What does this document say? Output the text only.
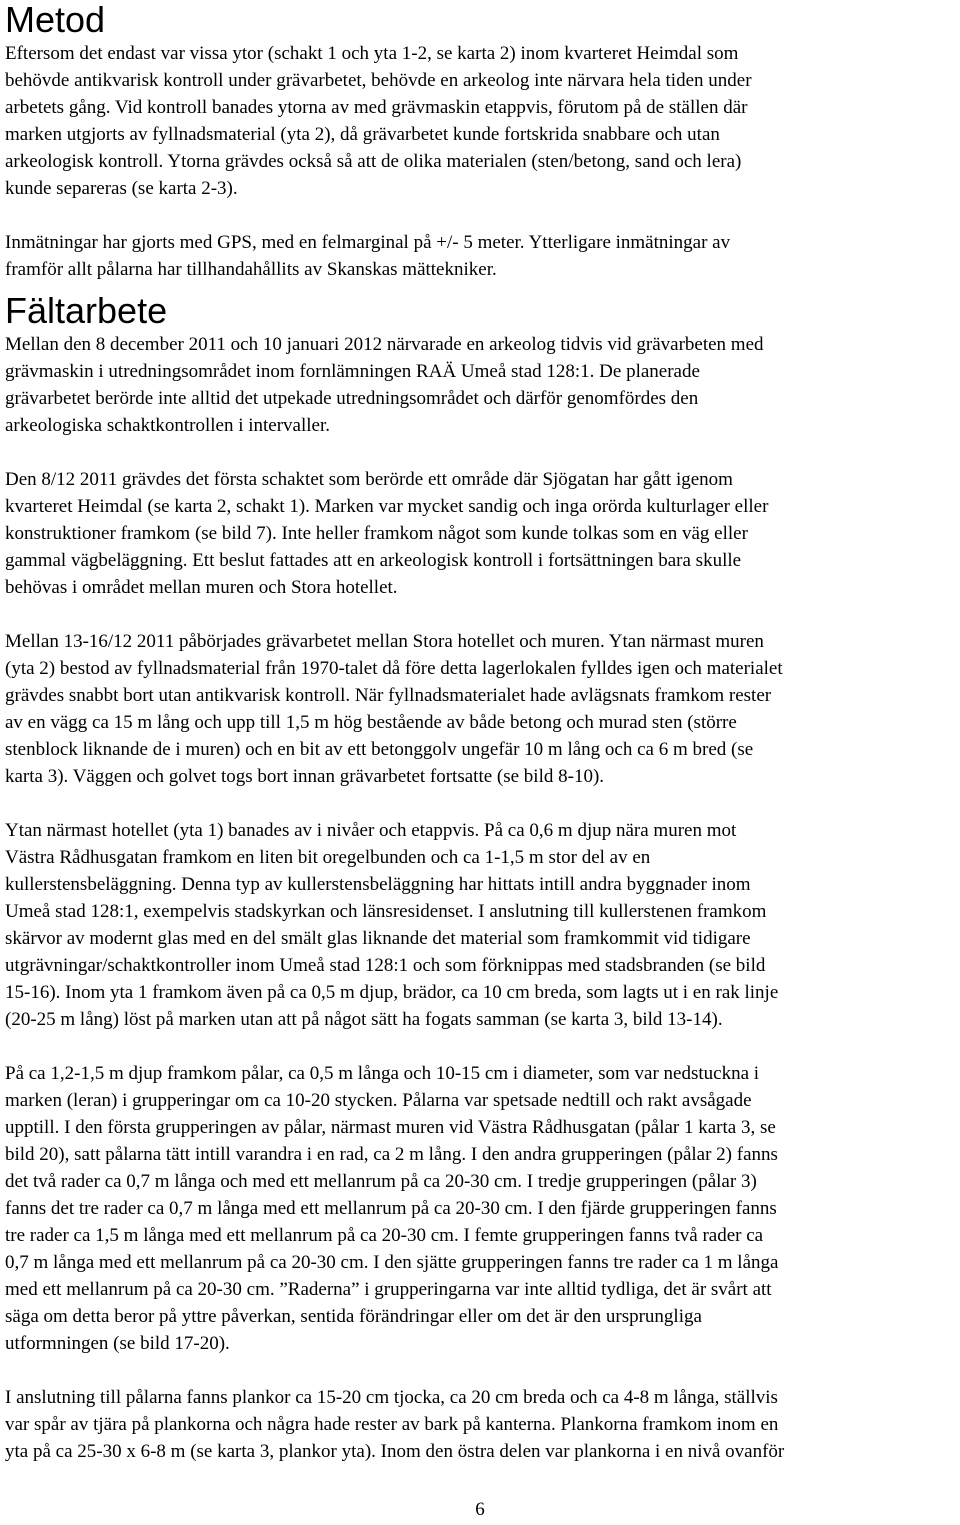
Metod

Eftersom det endast var vissa ytor (schakt 1 och yta 1-2, se karta 2) inom kvarteret Heimdal som
behövde antikvarisk kontroll under grävarbetet, behövde en arkeolog inte närvara hela tiden under
arbetets gång. Vid kontroll banades ytorna av med grävmaskin etappvis, förutom på de ställen där
marken utgjorts av fyllnadsmaterial (yta 2), då grävarbetet kunde fortskrida snabbare och utan
arkeologisk kontroll. Ytorna grävdes också så att de olika materialen (sten/betong, sand och lera)
kunde separeras (se karta 2-3).

Inmätningar har gjorts med GPS, med en felmarginal på +/- 5 meter. Ytterligare inmätningar av
framför allt pålarna har tillhandahållits av Skanskas mättekniker.

Fältarbete

Mellan den 8 december 2011 och 10 januari 2012 närvarade en arkeolog tidvis vid grävarbeten med
grävmaskin i utredningsområdet inom fornlämningen RAÄ Umeå stad 128:1. De planerade
grävarbetet berörde inte alltid det utpekade utredningsområdet och därför genomfördes den
arkeologiska schaktkontrollen i intervaller.

Den 8/12 2011 grävdes det första schaktet som berörde ett område där Sjögatan har gått igenom
kvarteret Heimdal (se karta 2, schakt 1). Marken var mycket sandig och inga orörda kulturlager eller
konstruktioner framkom (se bild 7). Inte heller framkom något som kunde tolkas som en väg eller
gammal vägbeläggning. Ett beslut fattades att en arkeologisk kontroll i fortsättningen bara skulle
behövas i området mellan muren och Stora hotellet.

Mellan 13-16/12 2011 påbörjades grävarbetet mellan Stora hotellet och muren. Ytan närmast muren
(yta 2) bestod av fyllnadsmaterial från 1970-talet då före detta lagerlokalen fylldes igen och materialet
grävdes snabbt bort utan antikvarisk kontroll. När fyllnadsmaterialet hade avlägsnats framkom rester
av en vägg ca 15 m lång och upp till 1,5 m hög bestående av både betong och murad sten (större
stenblock liknande de i muren) och en bit av ett betonggolv ungefär 10 m lång och ca 6 m bred (se
karta 3). Väggen och golvet togs bort innan grävarbetet fortsatte (se bild 8-10).

Ytan närmast hotellet (yta 1) banades av i nivåer och etappvis. På ca 0,6 m djup nära muren mot
Västra Rådhusgatan framkom en liten bit oregelbunden och ca 1-1,5 m stor del av en
kullerstensbeläggning. Denna typ av kullerstensbeläggning har hittats intill andra byggnader inom
Umeå stad 128:1, exempelvis stadskyrkan och länsresidenset. I anslutning till kullerstenen framkom
skärvor av modernt glas med en del smält glas liknande det material som framkommit vid tidigare
utgrävningar/schaktkontroller inom Umeå stad 128:1 och som förknippas med stadsbranden (se bild
15-16). Inom yta 1 framkom även på ca 0,5 m djup, brädor, ca 10 cm breda, som lagts ut i en rak linje
(20-25 m lång) löst på marken utan att på något sätt ha fogats samman (se karta 3, bild 13-14).

På ca 1,2-1,5 m djup framkom pålar, ca 0,5 m långa och 10-15 cm i diameter, som var nedstuckna i
marken (leran) i grupperingar om ca 10-20 stycken. Pålarna var spetsade nedtill och rakt avsågade
upptill. I den första grupperingen av pålar, närmast muren vid Västra Rådhusgatan (pålar 1 karta 3, se
bild 20), satt pålarna tätt intill varandra i en rad, ca 2 m lång. I den andra grupperingen (pålar 2) fanns
det två rader ca 0,7 m långa och med ett mellanrum på ca 20-30 cm. I tredje grupperingen (pålar 3)
fanns det tre rader ca 0,7 m långa med ett mellanrum på ca 20-30 cm. I den fjärde grupperingen fanns
tre rader ca 1,5 m långa med ett mellanrum på ca 20-30 cm. I femte grupperingen fanns två rader ca
0,7 m långa med ett mellanrum på ca 20-30 cm. I den sjätte grupperingen fanns tre rader ca 1 m långa
med ett mellanrum på ca 20-30 cm. ”Raderna” i grupperingarna var inte alltid tydliga, det är svårt att
säga om detta beror på yttre påverkan, sentida förändringar eller om det är den ursprungliga
utformningen (se bild 17-20).

I anslutning till pålarna fanns plankor ca 15-20 cm tjocka, ca 20 cm breda och ca 4-8 m långa, ställvis
var spår av tjära på plankorna och några hade rester av bark på kanterna. Plankorna framkom inom en
yta på ca 25-30 x 6-8 m (se karta 3, plankor yta). Inom den östra delen var plankorna i en nivå ovanför

6
